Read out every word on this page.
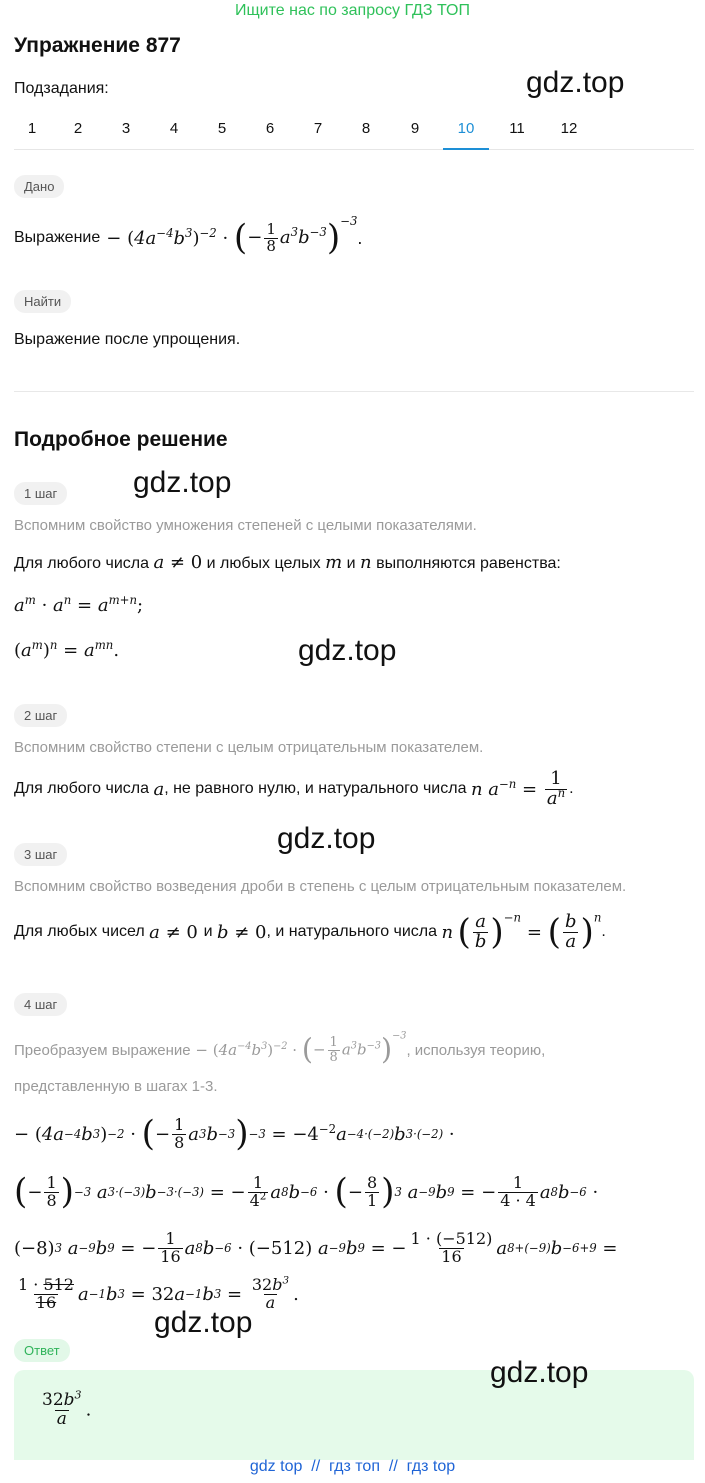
Ищите нас по запросу ГДЗ ТОП
Упражнение 877
gdz.top
Подзадания:
1	2	3	4	5	6	7	8	9	10	11	12
Дано
Выражение − $(4a^{-4}b^3)^{-2}$ · (− $\frac{1}{8} a^3b^{-3})^{-3}$
.
Найти
Выражение после упрощения.
Подробное решение
1 шаг	gdz.top
Вспомним свойство умножения степеней с целыми показателями.
Для любого числа a ≠ 0 и любых целых m и n выполняются равенства:
$a^m \cdot a^n = a^{m+n}$;
$(a^m)^n = a^{mn}$.	gdz.top
2 шаг
Вспомним свойство степени с целым отрицательным показателем.
Для любого числа
a , не равного нулю, и натурального числа
n $a^{-n} = \frac{1}{a^n}$ .
gdz.top
3 шаг
Вспомним свойство возведения дроби в степень с целым отрицательным показателем.
Для любых чисел
a ≠ 0 и
b ≠ 0 , и натурального числа
n
( $\frac{a}{b} )^{-n}$
= ( $\frac{b}{a} )^n$
.
4 шаг
Преобразуем выражение − $(4a^{-4}b^3)^{-2}$ · (− $\frac{1}{8} a^3b^{-3})^{-3}$
, используя теорию,
представленную в шагах 1-3.
− ( 4a −4 b 3 ) −2 · ( − $\frac{1}{8}$ a 3 b −3 ) $-3 = -4^{-2}$ a −4·(−2) b 3·(−2) ·
( − $\frac{1}{8}$ ) −3 a 3·(−3) b −3·(−3) = − $\frac{1}{4^2}$ a 8 b −6 · ( − $\frac{8}{1}$ ) 3 a −9 b 9 = − $\frac{1}{4 \cdot 4}$ a 8 b −6 ·
(−8) 3 a −9 b 9 = − $\frac{1}{16}$ a 8 b −6 · (−512) a −9 b 9 = − $\frac{1 \cdot (-512)}{16}$ a 8+(−9) b −6+9 =
$\frac{1 \cdot 512}{16}$ a −1 b 3 = 32 a −1 b $3 = \frac{32b^3}{a}$ .
gdz.top
Ответ
gdz.top
$\frac{32b^3}{a}$ .
gdz top  //  гдз топ  //  гдз top
